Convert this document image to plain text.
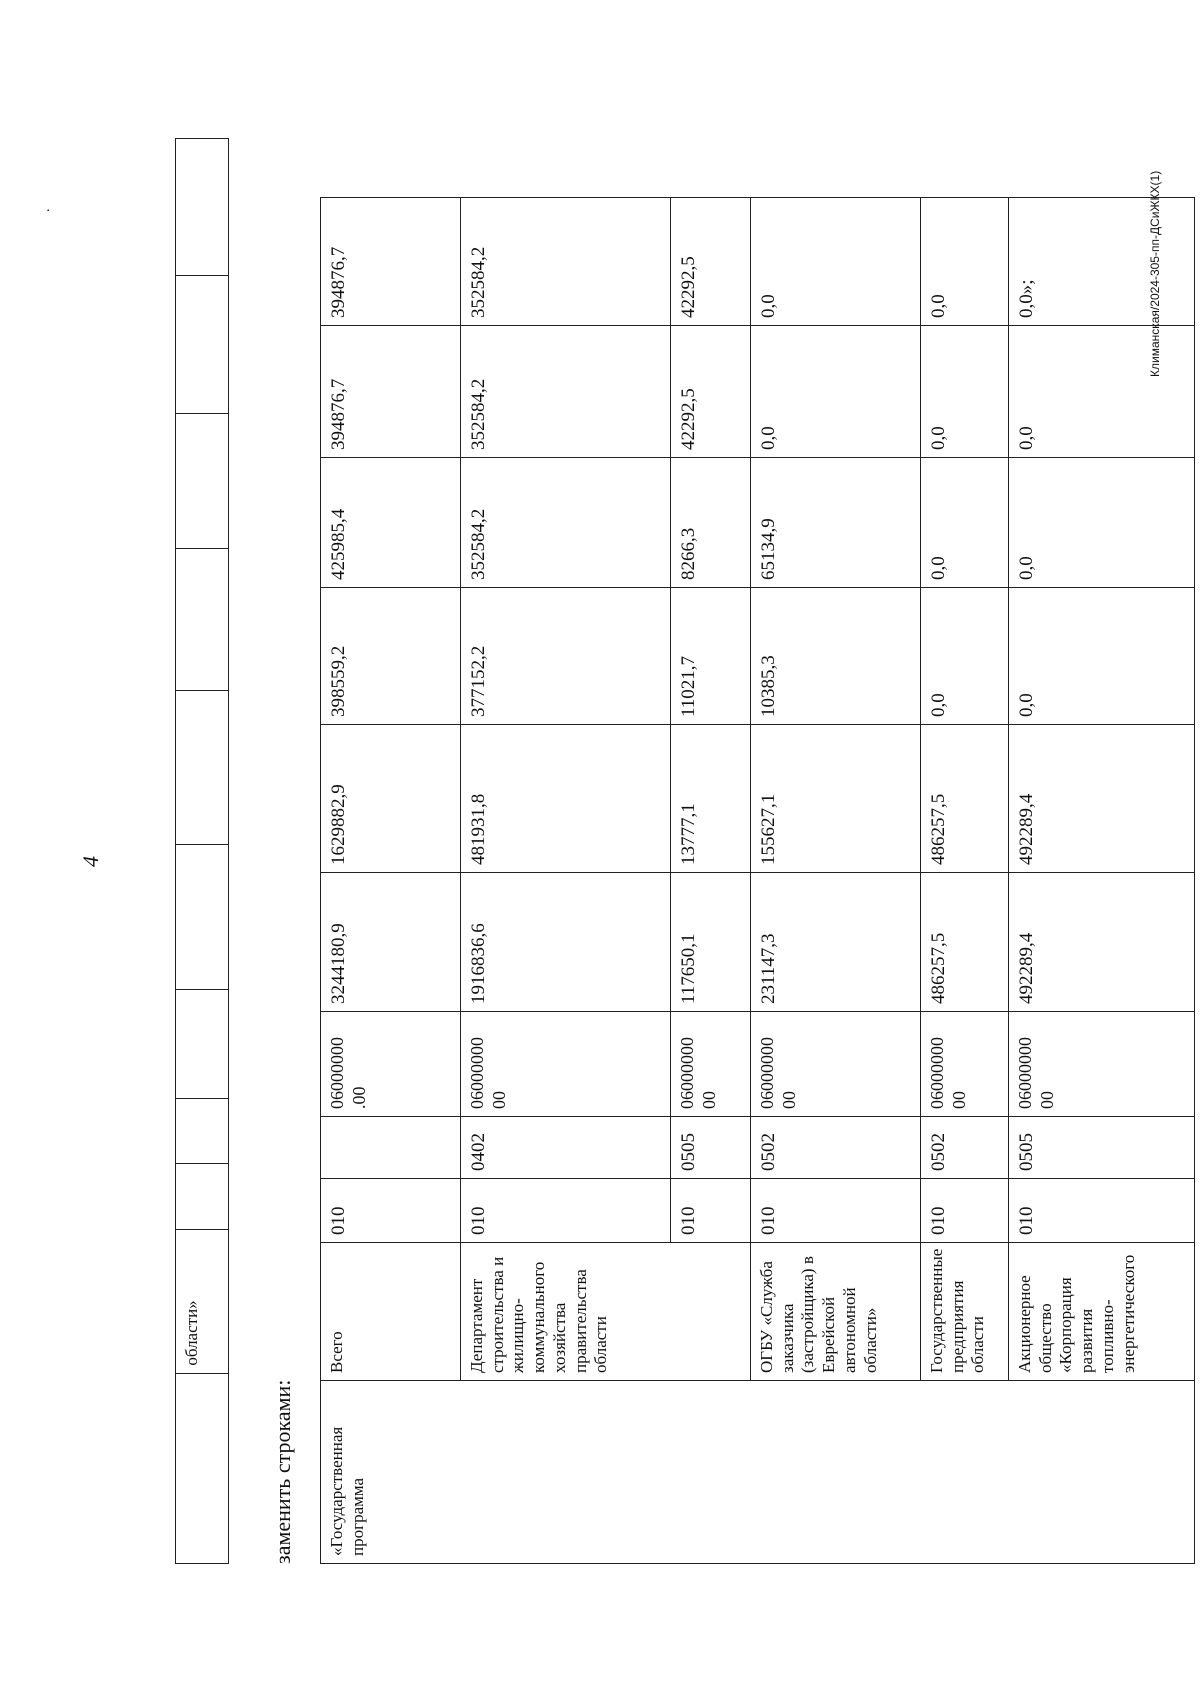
.
4
	области»									
заменить строками: «Государственная программа	Всего	010		06000000 .00	3244180,9	1629882,9	398559,2	425985,4	394876,7	394876,7
	Департамент строительства и жилищно-коммунального хозяйства правительства области	010	0402	06000000 00	1916836,6	481931,8	377152,2	352584,2	352584,2	352584,2
		010	0505	06000000 00	117650,1	13777,1	11021,7	8266,3	42292,5	42292,5
	ОГБУ «Служба заказчика (застройщика) в Еврейской автономной области»	010	0502	06000000 00	231147,3	155627,1	10385,3	65134,9	0,0	0,0
	Государственные предприятия области	010	0502	06000000 00	486257,5	486257,5	0,0	0,0	0,0	0,0
	Акционерное общество «Корпорация развития топливно-энергетического	010	0505	06000000 00	492289,4	492289,4	0,0	0,0	0,0	0,0»;	Климанская/2024-305-пп-ДСиЖКХ(1)
